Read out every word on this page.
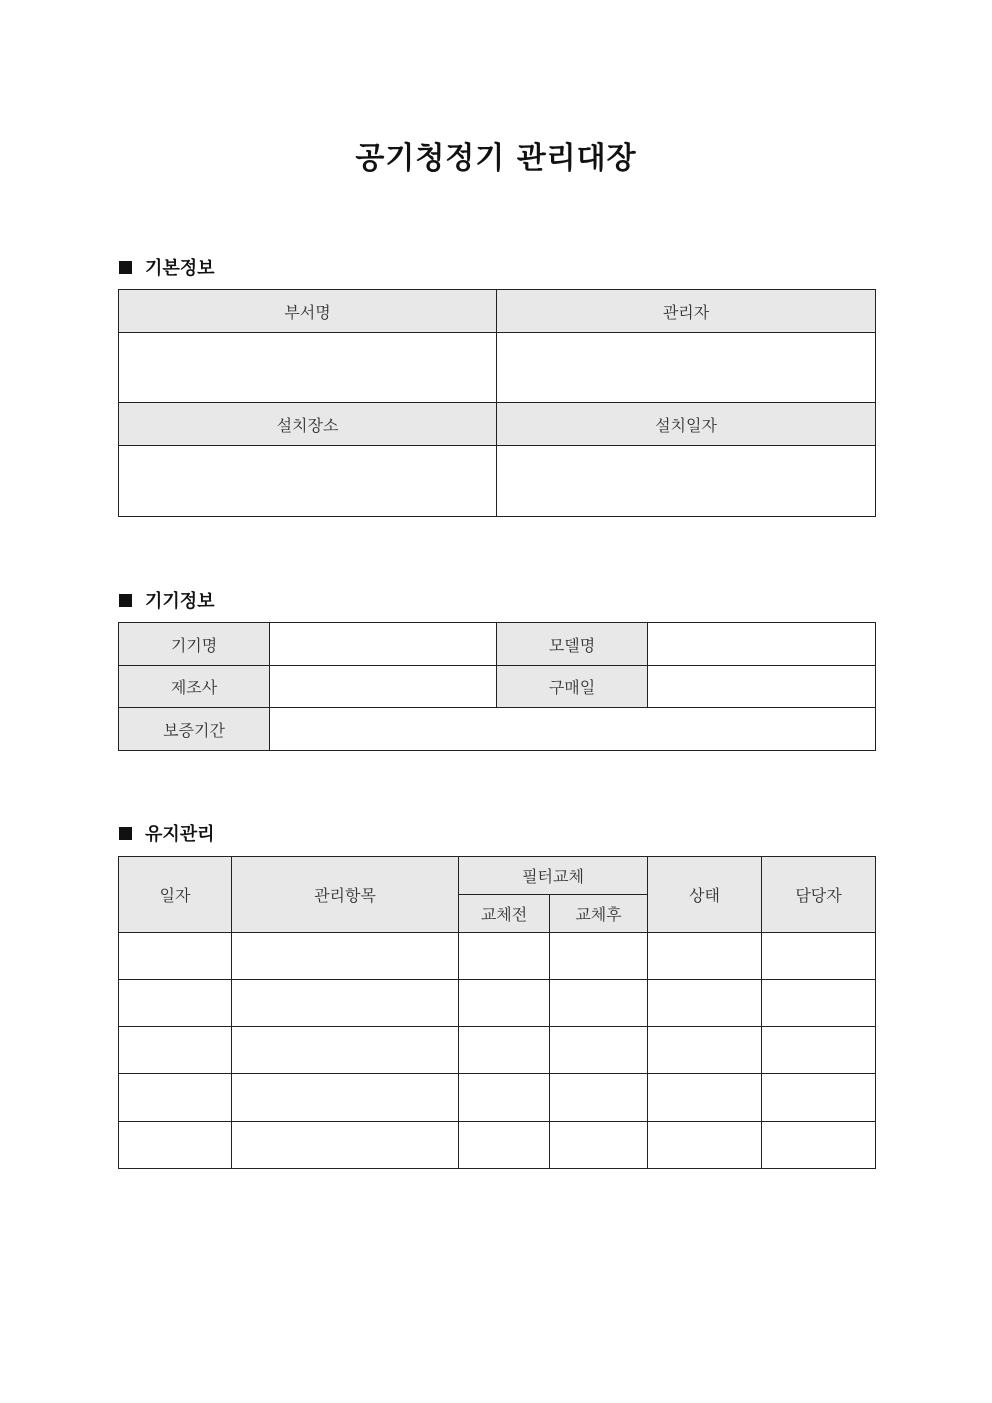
공기청정기 관리대장
기본정보
부서명	관리자

설치장소	설치일자

기기정보
기기명		모델명	
제조사		구매일	
보증기간			
유지관리
일자	관리항목	필터교체		상태	담당자
		교체전	교체후		
